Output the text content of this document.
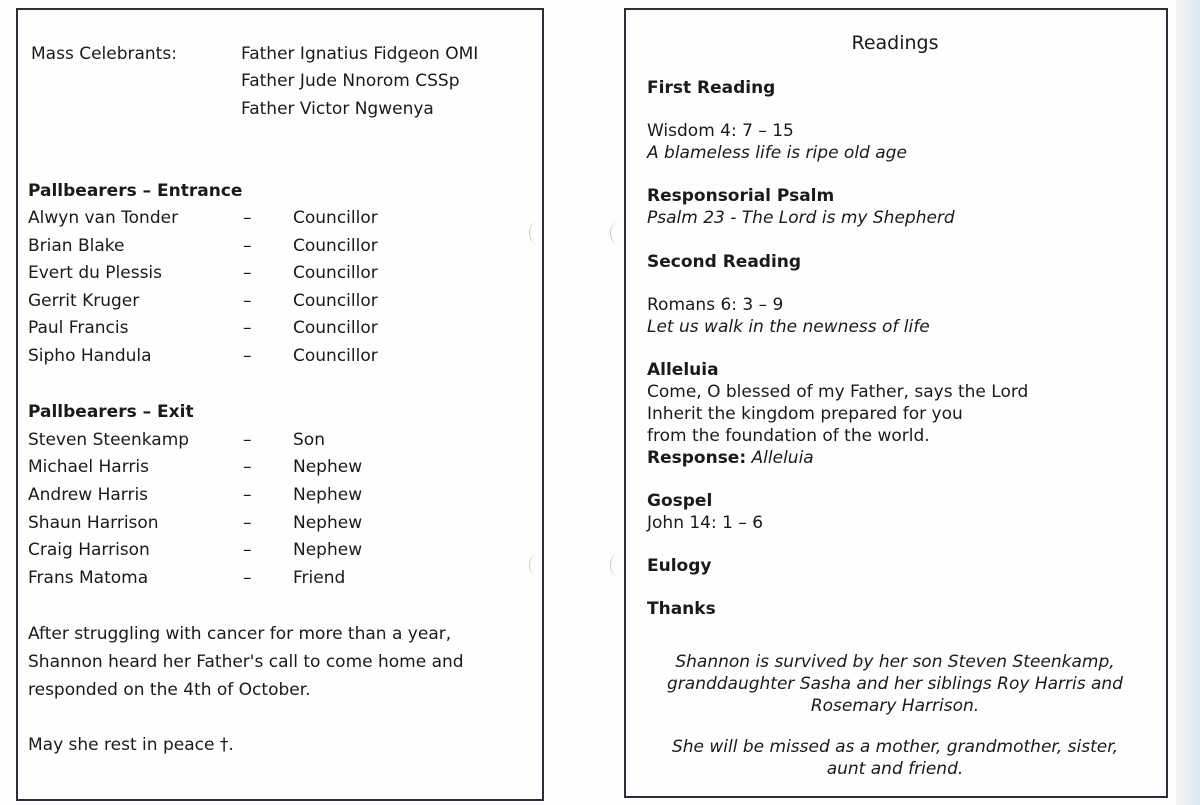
Mass Celebrants:	Father Ignatius Fidgeon OMI
Father Jude Nnorom CSSp
Father Victor Ngwenya
Pallbearers – Entrance
Alwyn van Tonder	– Councillor
Brian Blake	– Councillor
Evert du Plessis	– Councillor
Gerrit Kruger	– Councillor
Paul Francis	– Councillor
Sipho Handula	– Councillor
Pallbearers – Exit
Steven Steenkamp	– Son
Michael Harris	– Nephew
Andrew Harris	– Nephew
Shaun Harrison	– Nephew
Craig Harrison	– Nephew
Frans Matoma	– Friend
After struggling with cancer for more than a year,
Shannon heard her Father's call to come home and
responded on the 4th of October.
May she rest in peace †.
Readings
First Reading
Wisdom 4: 7 – 15
A blameless life is ripe old age
Responsorial Psalm
Psalm 23 - The Lord is my Shepherd
Second Reading
Romans 6: 3 – 9
Let us walk in the newness of life
Alleluia
Come, O blessed of my Father, says the Lord
Inherit the kingdom prepared for you
from the foundation of the world.
Response: Alleluia
Gospel
John 14: 1 – 6
Eulogy
Thanks
Shannon is survived by her son Steven Steenkamp, granddaughter Sasha and her siblings Roy Harris and Rosemary Harrison.
She will be missed as a mother, grandmother, sister, aunt and friend.
